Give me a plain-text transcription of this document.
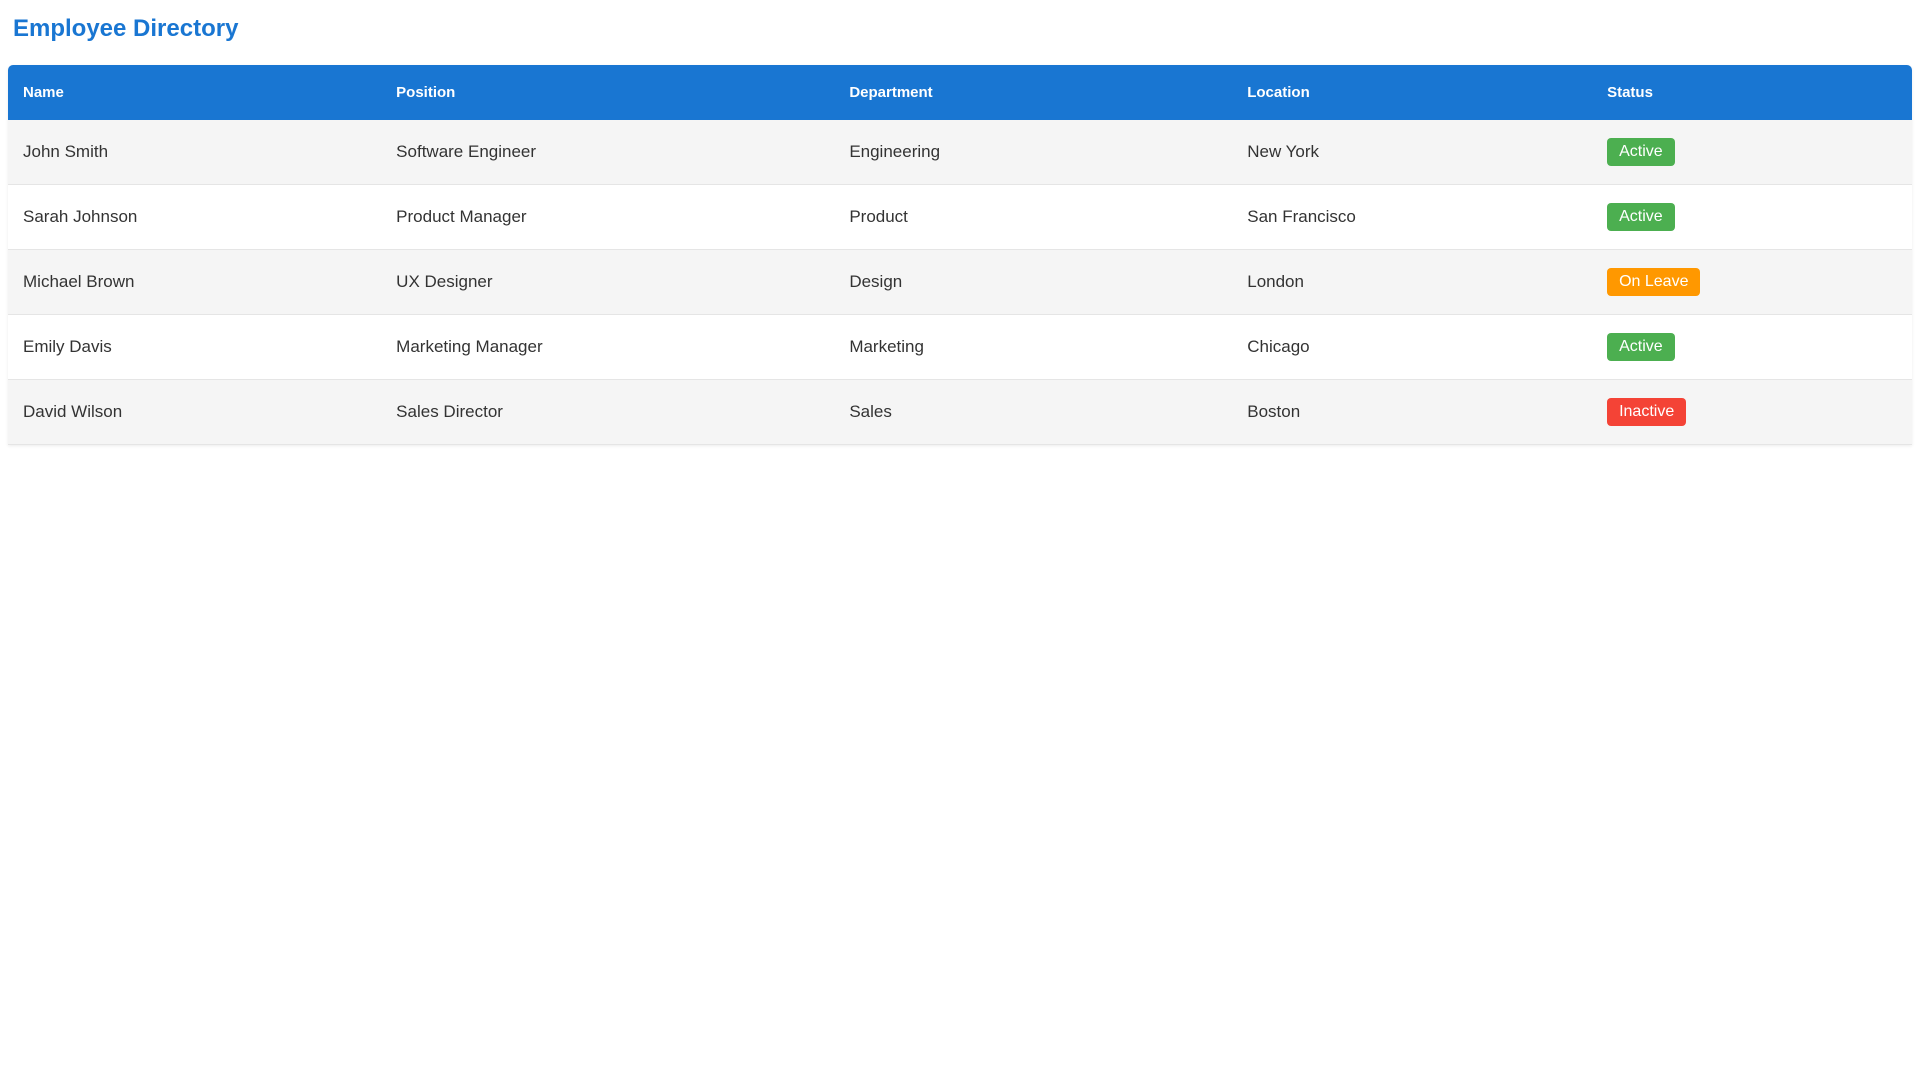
Employee Directory
Name	Position	Department	Location	Status
John Smith	Software Engineer	Engineering	New York	Active
Sarah Johnson	Product Manager	Product	San Francisco	Active
Michael Brown	UX Designer	Design	London	On Leave
Emily Davis	Marketing Manager	Marketing	Chicago	Active
David Wilson	Sales Director	Sales	Boston	Inactive
